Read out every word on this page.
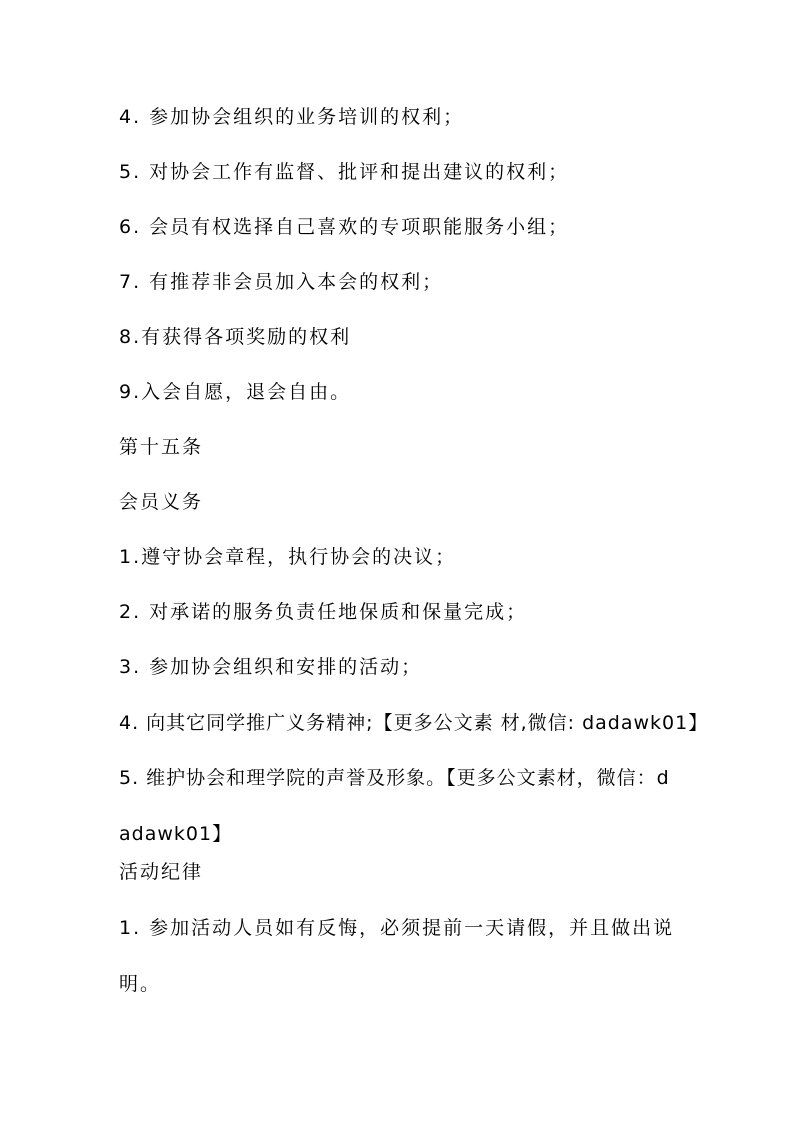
4. 参加协会组织的业务培训的权利；
5. 对协会工作有监督、批评和提出建议的权利；
6. 会员有权选择自己喜欢的专项职能服务小组；
7. 有推荐非会员加入本会的权利；
8.有获得各项奖励的权利
9.入会自愿，退会自由。
第十五条
会员义务
1.遵守协会章程，执行协会的决议；
2. 对承诺的服务负责任地保质和保量完成；
3. 参加协会组织和安排的活动；
4. 向其它同学推广义务精神;【更多公文素 材,微信: dadawk01】
5. 维护协会和理学院的声誉及形象。【更多公文素材，微信：dadawk01】
活动纪律
1. 参加活动人员如有反悔，必须提前一天请假，并且做出说明。
